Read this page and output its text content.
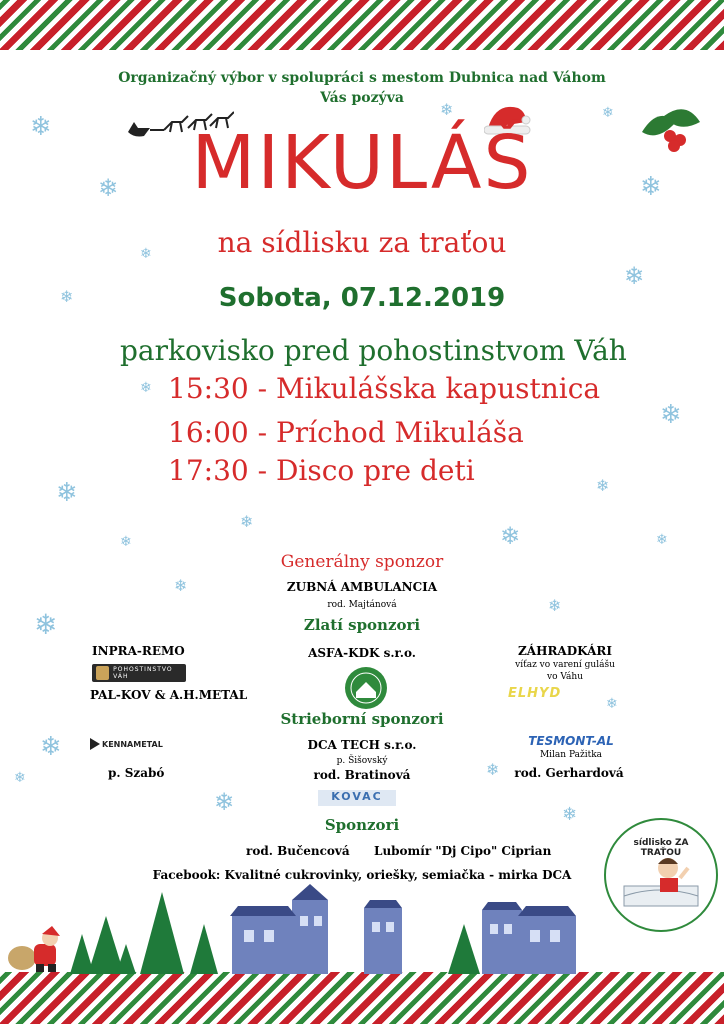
❄
❄
❄
❄
❄	❄
❄
❄
❄
❄
❄	❄
❄
❄
❄
❄
❄
❄
❄
❄
❄
❄
❄
❄
❄
Organizačný výbor v spolupráci s mestom Dubnica nad Váhom
Vás pozýva
MIKULÁŠ
na sídlisku za traťou
Sobota, 07.12.2019
parkovisko pred pohostinstvom Váh
15:30 - Mikulášska kapustnica
16:00 - Príchod Mikuláša
17:30 - Disco pre deti
Generálny sponzor
ZUBNÁ AMBULANCIA
rod. Majtánová
Zlatí sponzori
ASFA-KDK s.r.o.
INPRA-REMO
POHOSTINSTVO VÁH
PAL-KOV & A.H.METAL
ZÁHRADKÁRI
víťaz vo varení gulášu
vo Váhu
ELHYD
Strieborní sponzori
DCA TECH s.r.o.
p. Šišovský
rod. Bratinová
KOVAC
KENNAMETAL
p. Szabó
TESMONT-AL
Milan Pažitka
rod. Gerhardová
Sponzori
rod. Bučencová Lubomír "Dj Cipo" Ciprian
Facebook: Kvalitné cukrovinky, oriešky, semiačka - mirka DCA
sídlisko ZA TRAŤOU
